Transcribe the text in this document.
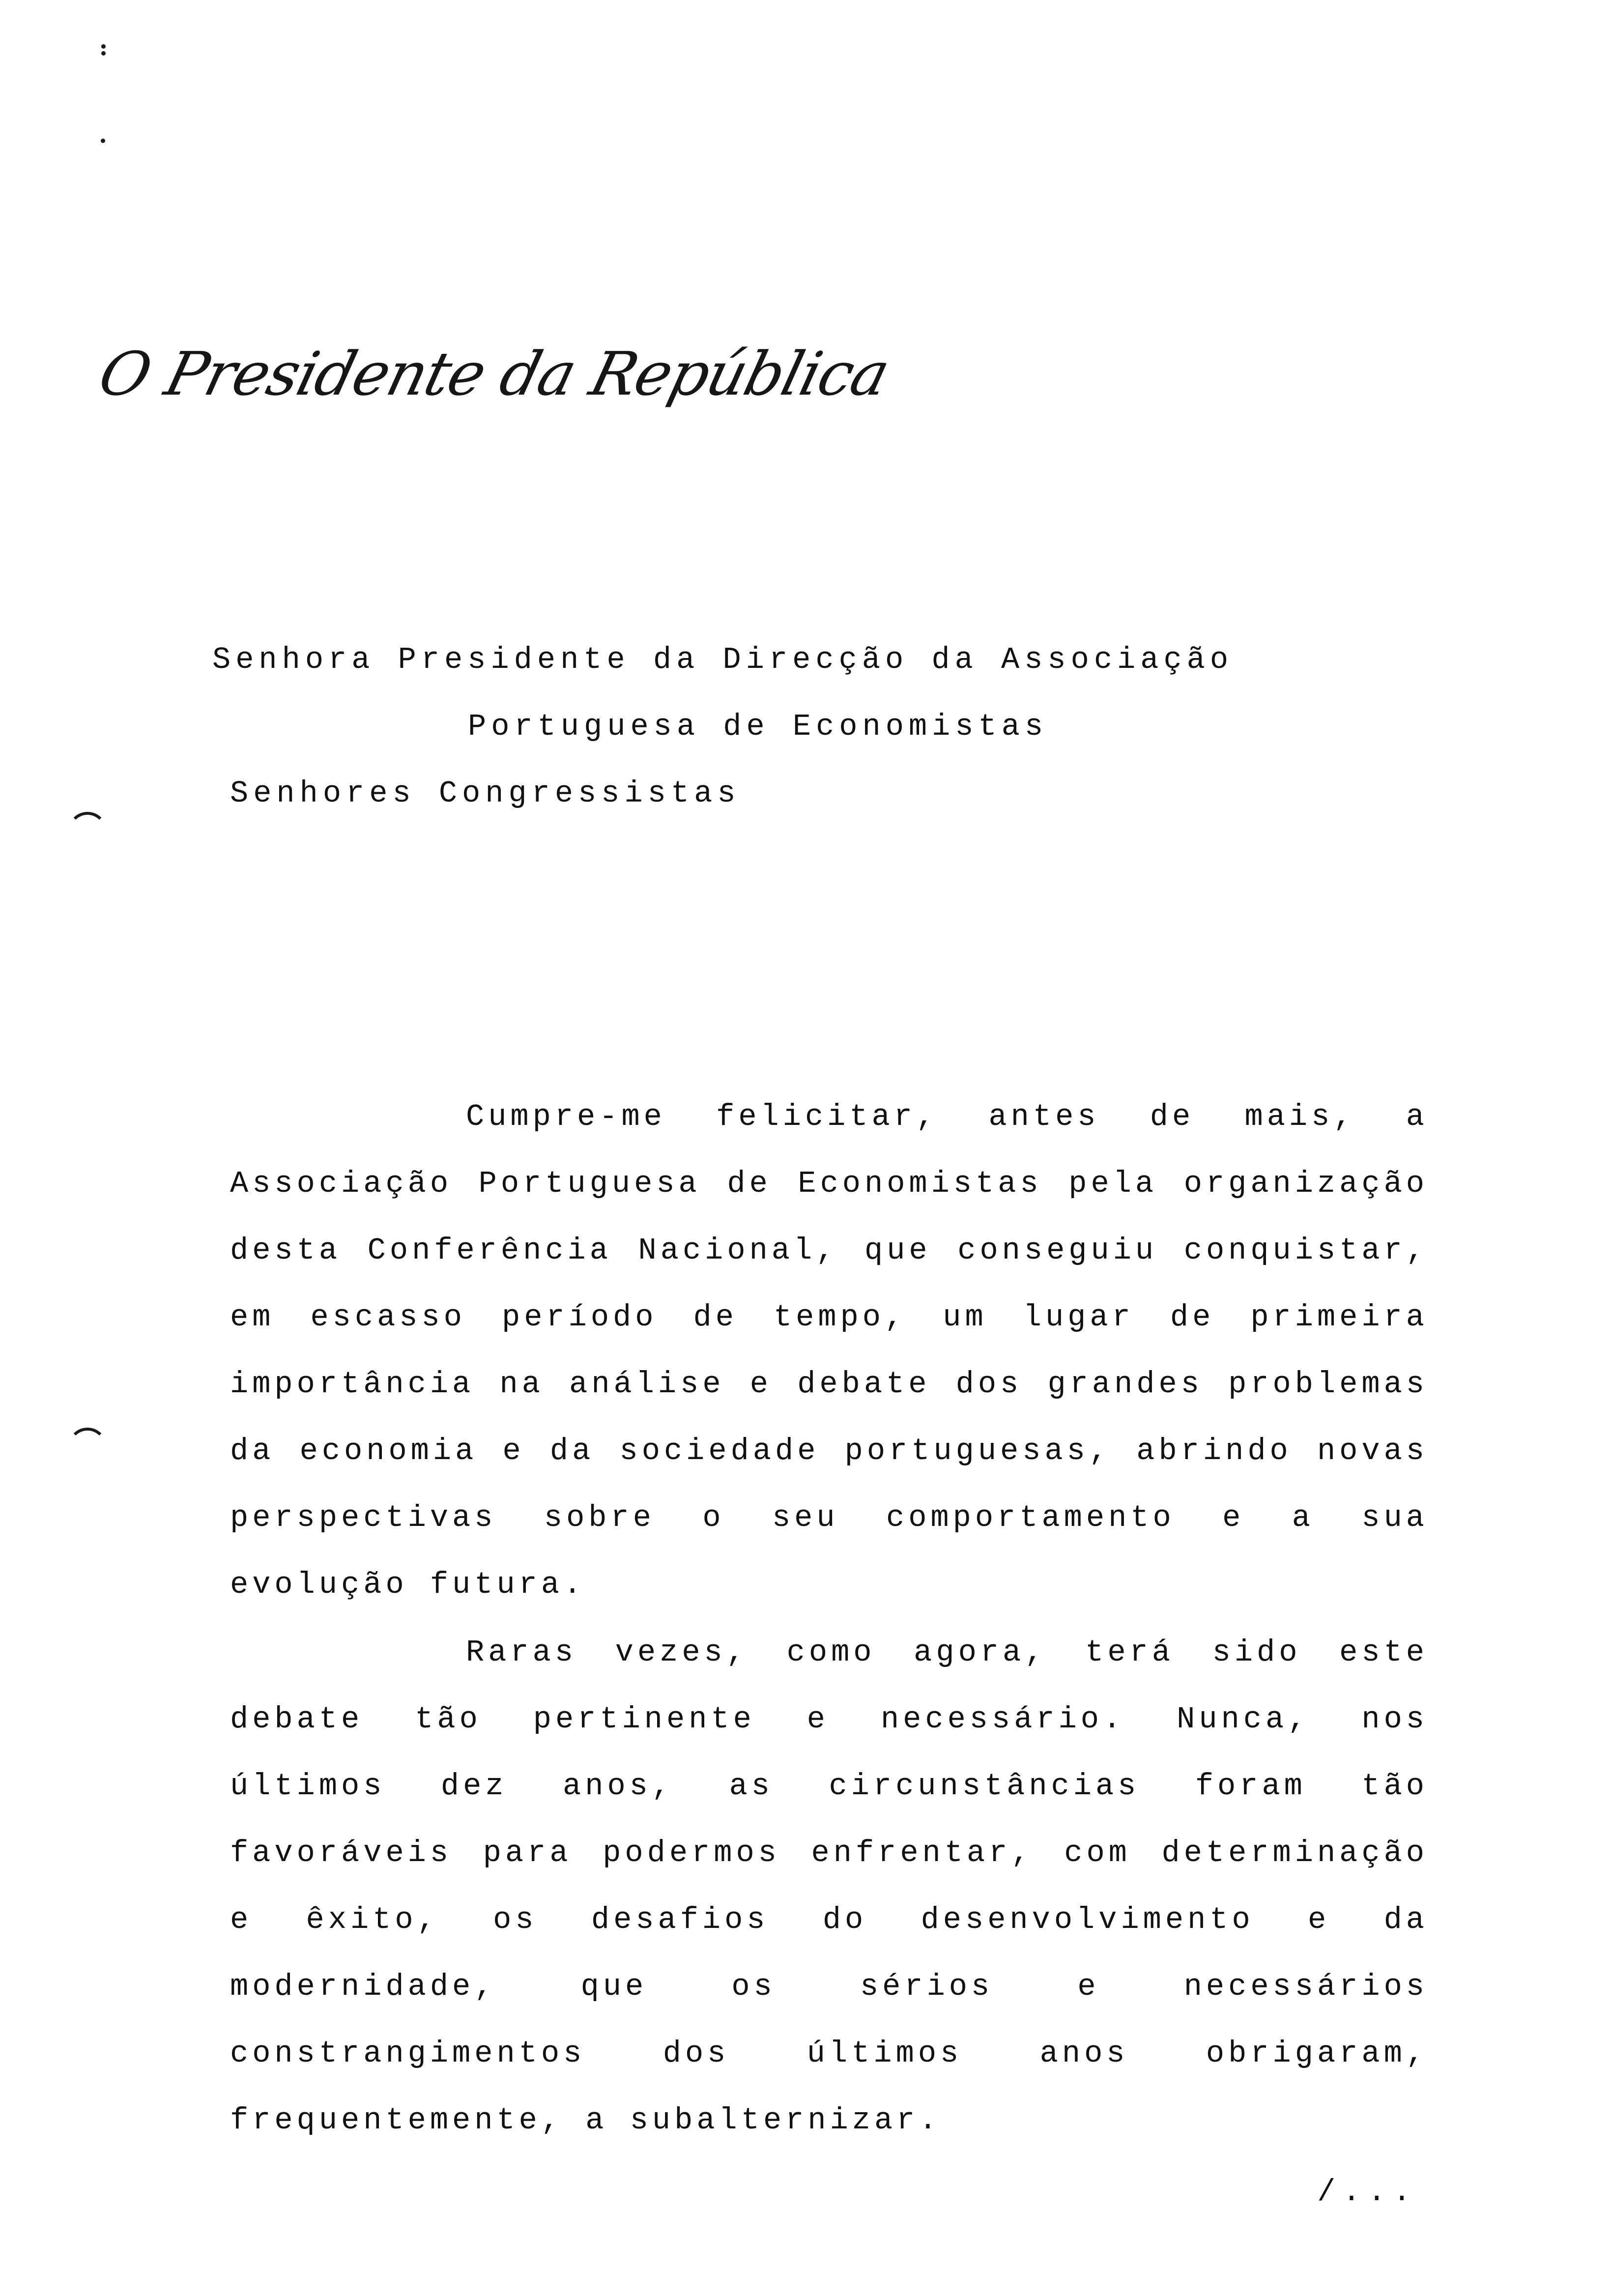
O Presidente da República
Senhora Presidente da Direcção da Associação
Portuguesa de Economistas
Senhores Congressistas
Cumpre-me felicitar, antes de mais, a Associação Portuguesa de Economistas pela organização desta Conferência Nacional, que conseguiu conquistar, em escasso período de tempo, um lugar de primeira importância na análise e debate dos grandes problemas da economia e da sociedade portuguesas, abrindo novas perspectivas sobre o seu comportamento e a sua evolução futura.
Raras vezes, como agora, terá sido este debate tão pertinente e necessário. Nunca, nos últimos dez anos, as circunstâncias foram tão favoráveis para podermos enfrentar, com determinação e êxito, os desafios do desenvolvimento e da modernidade, que os sérios e necessários constrangimentos dos últimos anos obrigaram, frequentemente, a subalternizar.
/...
